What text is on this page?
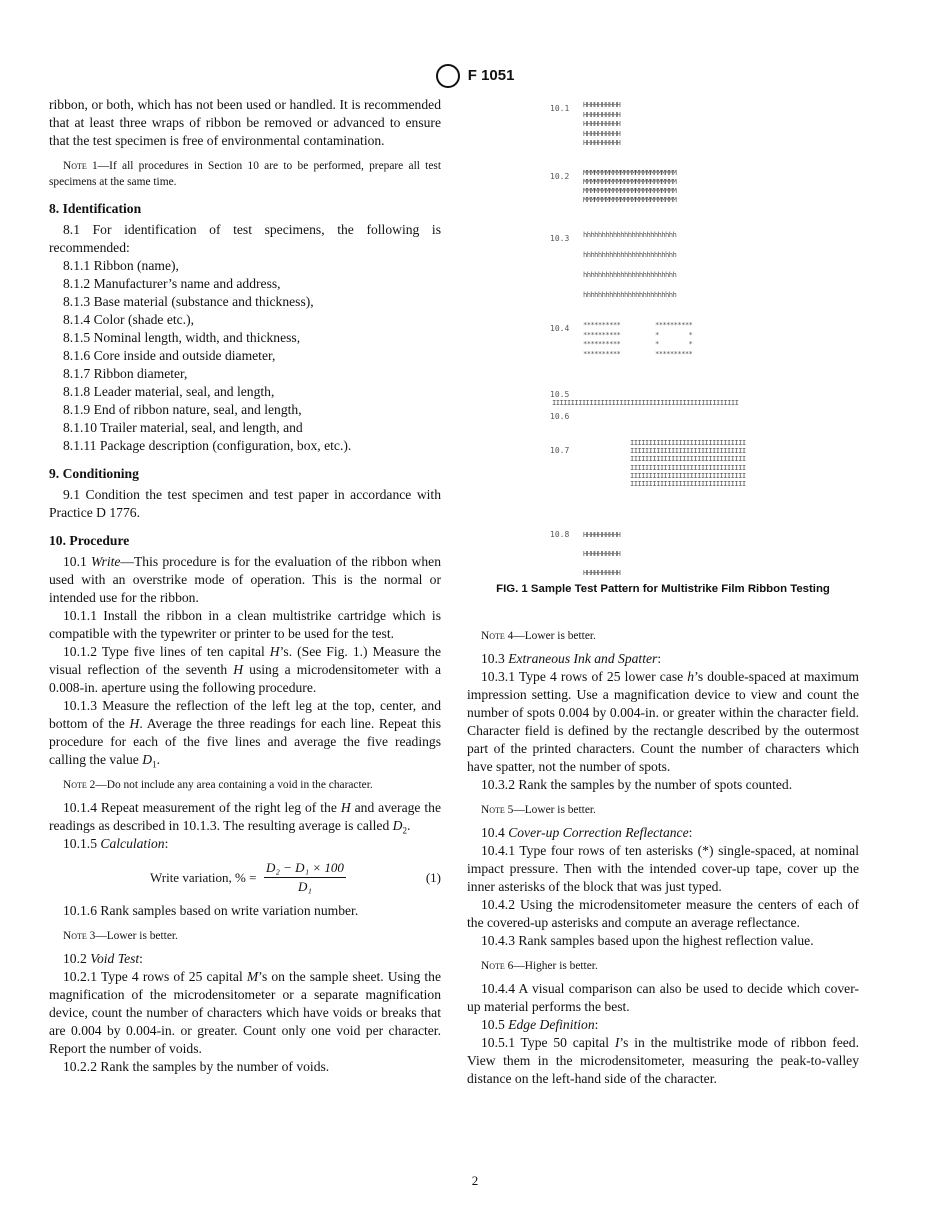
F 1051
ribbon, or both, which has not been used or handled. It is recommended that at least three wraps of ribbon be removed or advanced to ensure that the test specimen is free of environmental contamination.
Note 1—If all procedures in Section 10 are to be performed, prepare all test specimens at the same time.
8. Identification
8.1 For identification of test specimens, the following is recommended:
8.1.1 Ribbon (name),
8.1.2 Manufacturer’s name and address,
8.1.3 Base material (substance and thickness),
8.1.4 Color (shade etc.),
8.1.5 Nominal length, width, and thickness,
8.1.6 Core inside and outside diameter,
8.1.7 Ribbon diameter,
8.1.8 Leader material, seal, and length,
8.1.9 End of ribbon nature, seal, and length,
8.1.10 Trailer material, seal, and length, and
8.1.11 Package description (configuration, box, etc.).
9. Conditioning
9.1 Condition the test specimen and test paper in accordance with Practice D 1776.
10. Procedure
10.1 Write—This procedure is for the evaluation of the ribbon when used with an overstrike mode of operation. This is the normal or intended use for the ribbon.
10.1.1 Install the ribbon in a clean multistrike cartridge which is compatible with the typewriter or printer to be used for the test.
10.1.2 Type five lines of ten capital H’s. (See Fig. 1.) Measure the visual reflection of the seventh H using a microdensitometer with a 0.008-in. aperture using the following procedure.
10.1.3 Measure the reflection of the left leg at the top, center, and bottom of the H. Average the three readings for each line. Repeat this procedure for each of the five lines and average the five readings calling the value $D_1$.
Note 2—Do not include any area containing a void in the character.
10.1.4 Repeat measurement of the right leg of the H and average the readings as described in 10.1.3. The resulting average is called $D_2$.
10.1.5 Calculation:
Write variation, % = $\frac{\text{D₂ − D₁ × 100}}{\text{D₁}}$	(1)
10.1.6 Rank samples based on write variation number.
Note 3—Lower is better.
10.2 Void Test:
10.2.1 Type 4 rows of 25 capital M’s on the sample sheet. Using the magnification of the microdensitometer or a separate magnification device, count the number of characters which have voids or breaks that are 0.004 by 0.004-in. or greater. Count only one void per character. Report the number of voids.
10.2.2 Rank the samples by the number of voids.
10.1
10.2
10.3
10.4
10.5
10.6
10.7
10.8
HHHHHHHHHH
HHHHHHHHHH
HHHHHHHHHH
HHHHHHHHHH
HHHHHHHHHH
MMMMMMMMMMMMMMMMMMMMMMMMM
MMMMMMMMMMMMMMMMMMMMMMMMM
MMMMMMMMMMMMMMMMMMMMMMMMM
MMMMMMMMMMMMMMMMMMMMMMMMM
hhhhhhhhhhhhhhhhhhhhhhhhh
hhhhhhhhhhhhhhhhhhhhhhhhh
hhhhhhhhhhhhhhhhhhhhhhhhh
hhhhhhhhhhhhhhhhhhhhhhhhh
**********
**********
**********
**********
**********
*        *
*        *
**********
IIIIIIIIIIIIIIIIIIIIIIIIIIIIIIIIIIIIIIIIIIIIIIIIII
IIIIIIIIIIIIIIIIIIIIIIIIIIIIIII
IIIIIIIIIIIIIIIIIIIIIIIIIIIIIII
IIIIIIIIIIIIIIIIIIIIIIIIIIIIIII
IIIIIIIIIIIIIIIIIIIIIIIIIIIIIII
IIIIIIIIIIIIIIIIIIIIIIIIIIIIIII
IIIIIIIIIIIIIIIIIIIIIIIIIIIIIII
HHHHHHHHHH
HHHHHHHHHH
HHHHHHHHHH
FIG. 1 Sample Test Pattern for Multistrike Film Ribbon Testing
Note 4—Lower is better.
10.3 Extraneous Ink and Spatter:
10.3.1 Type 4 rows of 25 lower case h’s double-spaced at maximum impression setting. Use a magnification device to view and count the number of spots 0.004 by 0.004-in. or greater within the character field. Character field is defined by the rectangle described by the outermost part of the printed characters. Count the number of characters which have spatter, not the number of spots.
10.3.2 Rank the samples by the number of spots counted.
Note 5—Lower is better.
10.4 Cover-up Correction Reflectance:
10.4.1 Type four rows of ten asterisks (*) single-spaced, at nominal impact pressure. Then with the intended cover-up tape, cover up the inner asterisks of the block that was just typed.
10.4.2 Using the microdensitometer measure the centers of each of the covered-up asterisks and compute an average reflectance.
10.4.3 Rank samples based upon the highest reflection value.
Note 6—Higher is better.
10.4.4 A visual comparison can also be used to decide which cover-up material performs the best.
10.5 Edge Definition:
10.5.1 Type 50 capital I’s in the multistrike mode of ribbon feed. View them in the microdensitometer, measuring the peak-to-valley distance on the left-hand side of the character.
2
